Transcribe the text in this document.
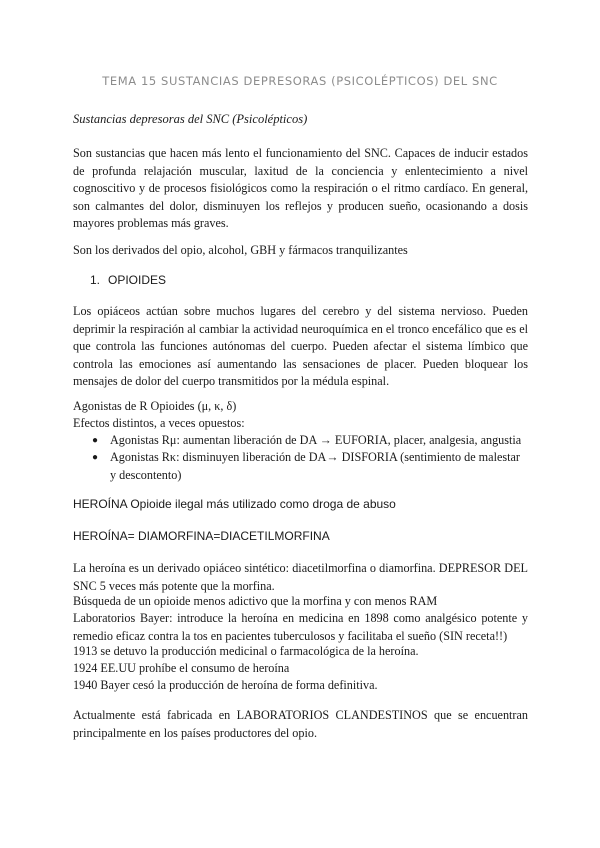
TEMA 15 SUSTANCIAS DEPRESORAS (PSICOLÉPTICOS) DEL SNC
Sustancias depresoras del SNC (Psicolépticos)

Son sustancias que hacen más lento el funcionamiento del SNC. Capaces de inducir estados de profunda relajación muscular, laxitud de la conciencia y enlentecimiento a nivel cognoscitivo y de procesos fisiológicos como la respiración o el ritmo cardíaco. En general, son calmantes del dolor, disminuyen los reflejos y producen sueño, ocasionando a dosis mayores problemas más graves.

Son los derivados del opio, alcohol, GBH y fármacos tranquilizantes
1. OPIOIDES

Los opiáceos actúan sobre muchos lugares del cerebro y del sistema nervioso. Pueden deprimir la respiración al cambiar la actividad neuroquímica en el tronco encefálico que es el que controla las funciones autónomas del cuerpo. Pueden afectar el sistema límbico que controla las emociones así aumentando las sensaciones de placer. Pueden bloquear los mensajes de dolor del cuerpo transmitidos por la médula espinal.

Agonistas de R Opioides (μ, κ, δ)
Efectos distintos, a veces opuestos:
● Agonistas Rμ: aumentan liberación de DA → EUFORIA, placer, analgesia, angustia
● Agonistas Rκ: disminuyen liberación de DA→ DISFORIA (sentimiento de malestar y descontento)
HEROÍNA Opioide ilegal más utilizado como droga de abuso
HEROÍNA= DIAMORFINA=DIACETILMORFINA

La heroína es un derivado opiáceo sintético: diacetilmorfina o diamorfina. DEPRESOR DEL SNC 5 veces más potente que la morfina.

Búsqueda de un opioide menos adictivo que la morfina y con menos RAM

Laboratorios Bayer: introduce la heroína en medicina en 1898 como analgésico potente y remedio eficaz contra la tos en pacientes tuberculosos y facilitaba el sueño (SIN receta!!)

1913 se detuvo la producción medicinal o farmacológica de la heroína.
1924 EE.UU prohíbe el consumo de heroína
1940 Bayer cesó la producción de heroína de forma definitiva.

Actualmente está fabricada en LABORATORIOS CLANDESTINOS que se encuentran principalmente en los países productores del opio.
